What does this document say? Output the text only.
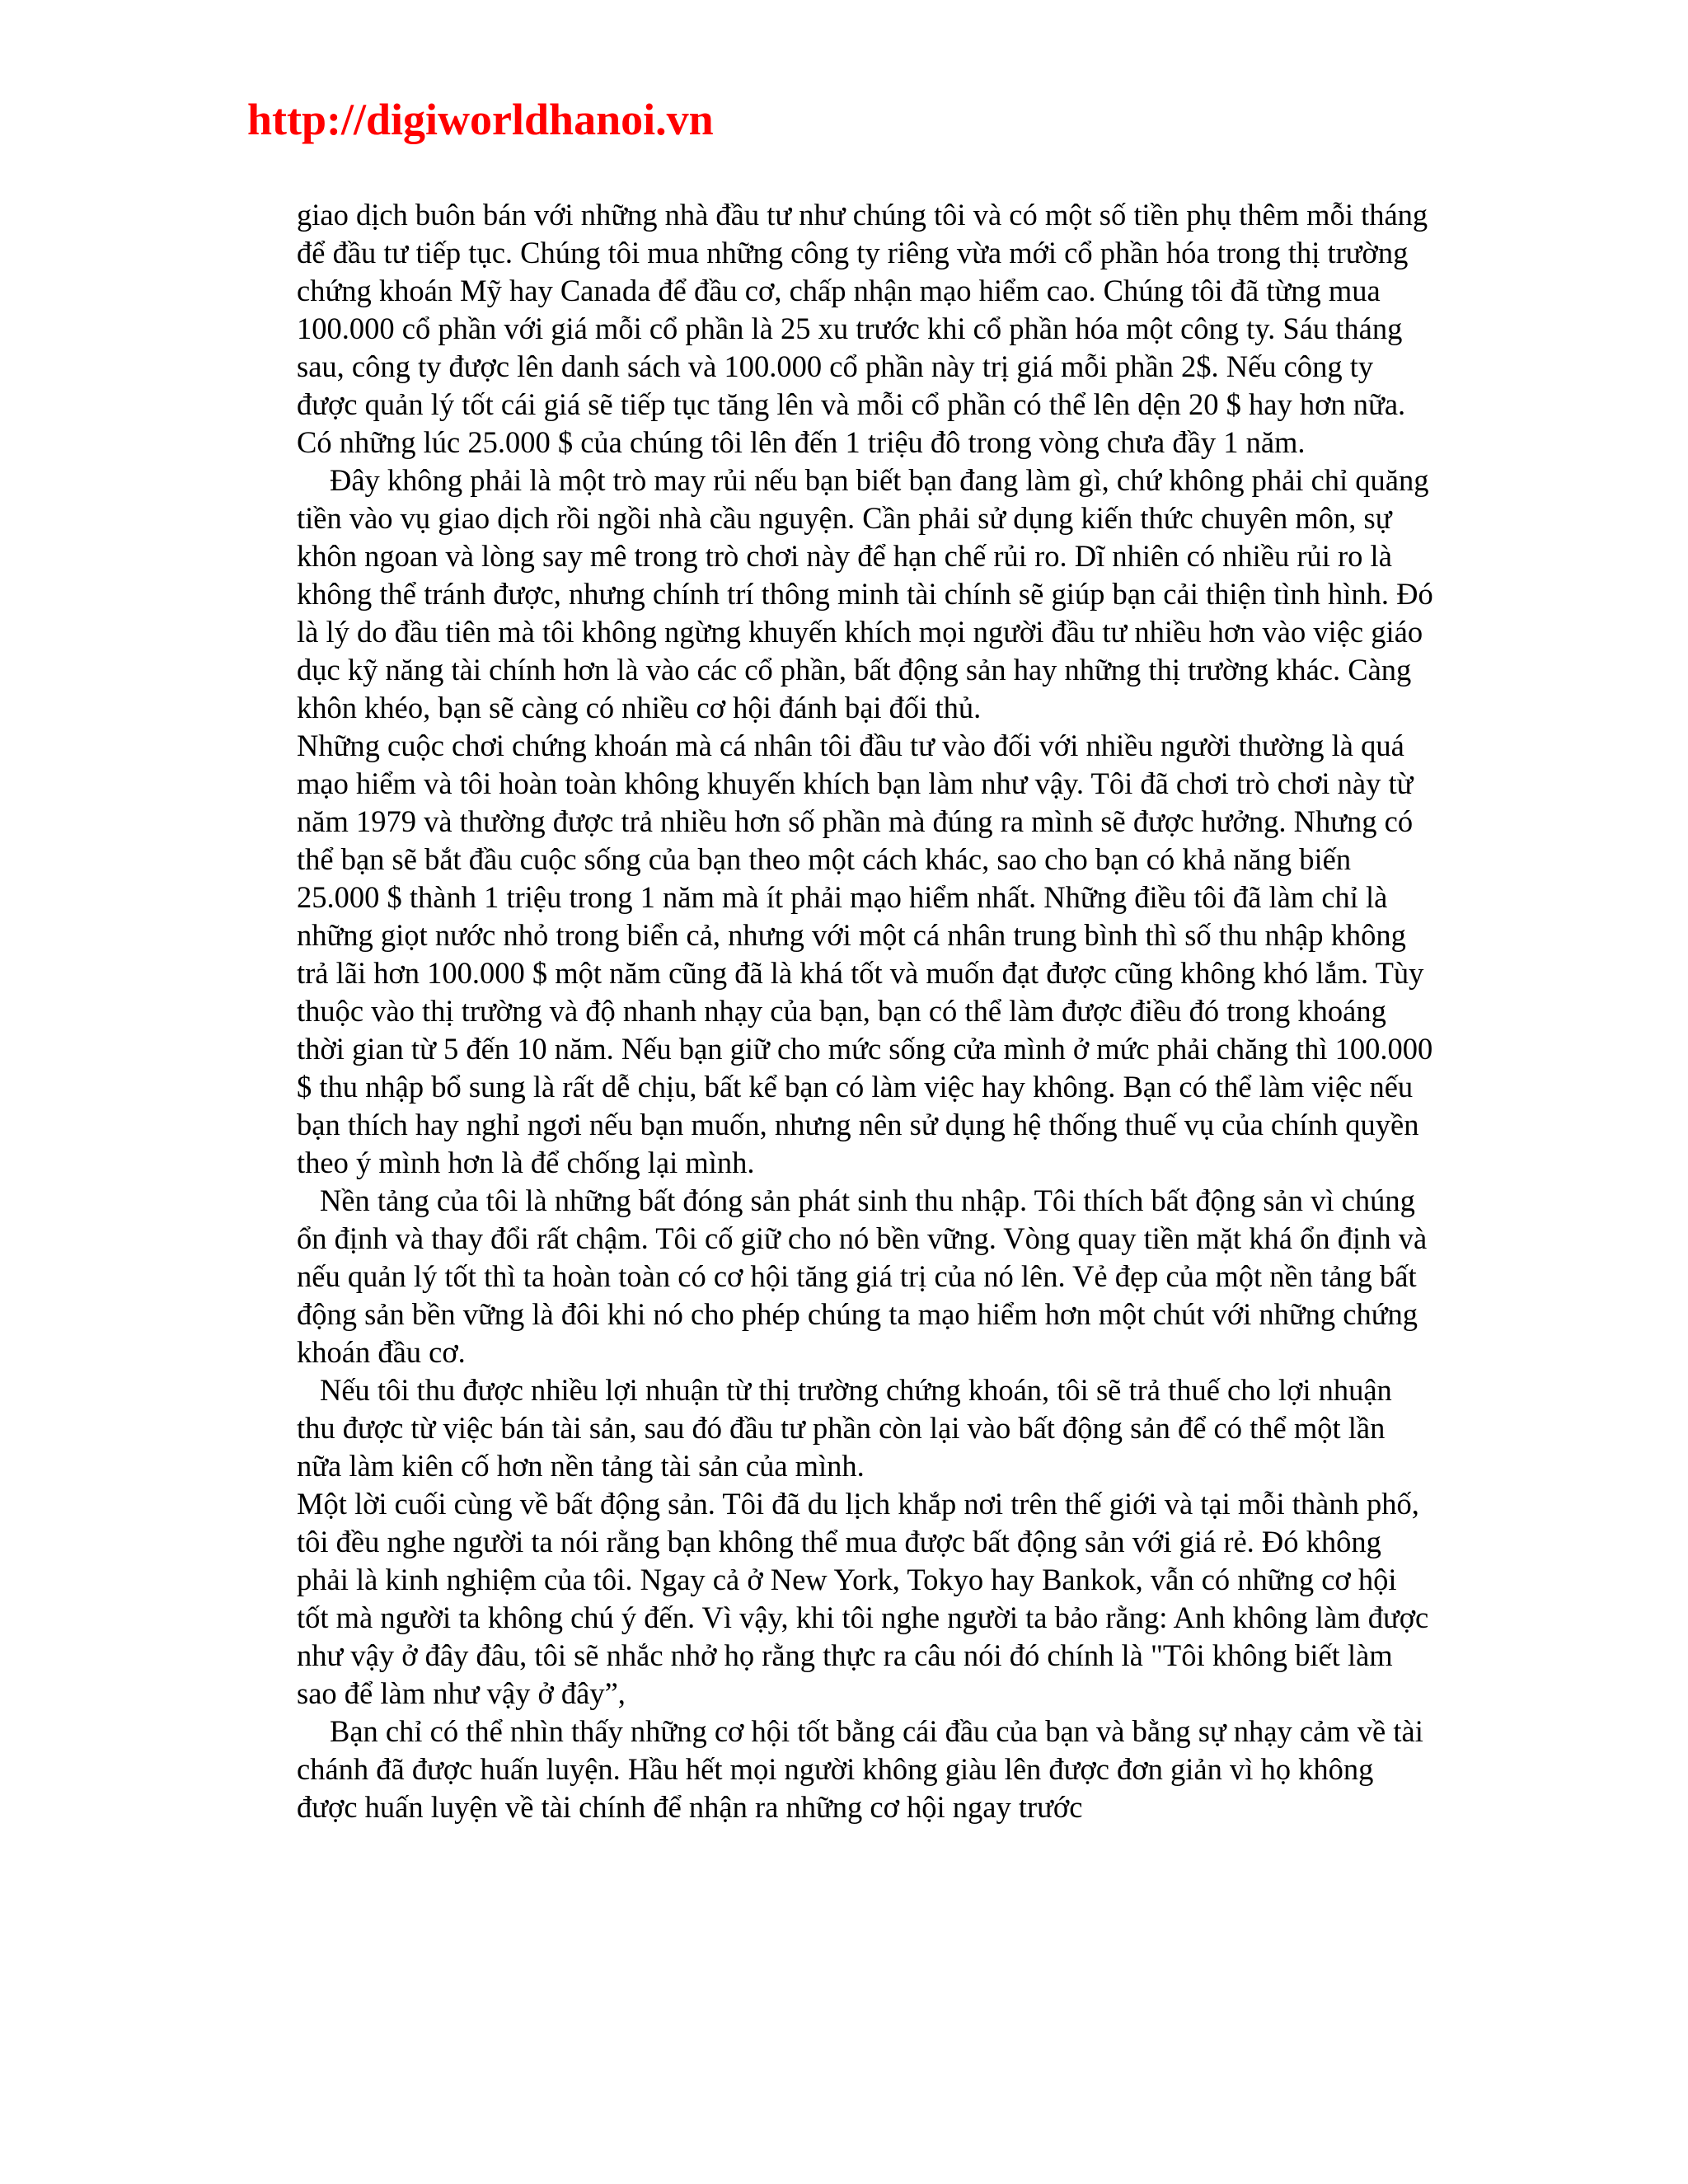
http://digiworldhanoi.vn

giao dịch buôn bán với những nhà đầu tư như chúng tôi và có một số tiền phụ thêm mỗi tháng để đầu tư tiếp tục. Chúng tôi mua những công ty riêng vừa mới cổ phần hóa trong thị trường chứng khoán Mỹ hay Canada để đầu cơ, chấp nhận mạo hiểm cao. Chúng tôi đã từng mua 100.000 cổ phần với giá mỗi cổ phần là 25 xu trước khi cổ phần hóa một công ty. Sáu tháng sau, công ty được lên danh sách và 100.000 cổ phần này trị giá mỗi phần 2$. Nếu công ty được quản lý tốt cái giá sẽ tiếp tục tăng lên và mỗi cổ phần có thể lên dện 20 $ hay hơn nữa. Có những lúc 25.000 $ của chúng tôi lên đến 1 triệu đô trong vòng chưa đầy 1 năm.

Đây không phải là một trò may rủi nếu bạn biết bạn đang làm gì, chứ không phải chỉ quăng tiền vào vụ giao dịch rồi ngồi nhà cầu nguyện. Cần phải sử dụng kiến thức chuyên môn, sự khôn ngoan và lòng say mê trong trò chơi này để hạn chế rủi ro. Dĩ nhiên có nhiều rủi ro là không thể tránh được, nhưng chính trí thông minh tài chính sẽ giúp bạn cải thiện tình hình. Đó là lý do đầu tiên mà tôi không ngừng khuyến khích mọi người đầu tư nhiều hơn vào việc giáo dục kỹ năng tài chính hơn là vào các cổ phần, bất động sản hay những thị trường khác. Càng khôn khéo, bạn sẽ càng có nhiều cơ hội đánh bại đối thủ.

Những cuộc chơi chứng khoán mà cá nhân tôi đầu tư vào đối với nhiều người thường là quá mạo hiểm và tôi hoàn toàn không khuyến khích bạn làm như vậy. Tôi đã chơi trò chơi này từ năm 1979 và thường được trả nhiều hơn số phần mà đúng ra mình sẽ được hưởng. Nhưng có thể bạn sẽ bắt đầu cuộc sống của bạn theo một cách khác, sao cho bạn có khả năng biến 25.000 $ thành 1 triệu trong 1 năm mà ít phải mạo hiểm nhất. Những điều tôi đã làm chỉ là những giọt nước nhỏ trong biển cả, nhưng với một cá nhân trung bình thì số thu nhập không trả lãi hơn 100.000 $ một năm cũng đã là khá tốt và muốn đạt được cũng không khó lắm. Tùy thuộc vào thị trường và độ nhanh nhạy của bạn, bạn có thể làm được điều đó trong khoáng thời gian từ 5 đến 10 năm. Nếu bạn giữ cho mức sống cửa mình ở mức phải chăng thì 100.000 $ thu nhập bổ sung là rất dễ chịu, bất kể bạn có làm việc hay không. Bạn có thể làm việc nếu bạn thích hay nghỉ ngơi nếu bạn muốn, nhưng nên sử dụng hệ thống thuế vụ của chính quyền theo ý mình hơn là để chống lại mình.

Nền tảng của tôi là những bất đóng sản phát sinh thu nhập. Tôi thích bất động sản vì chúng ổn định và thay đổi rất chậm. Tôi cố giữ cho nó bền vững. Vòng quay tiền mặt khá ổn định và nếu quản lý tốt thì ta hoàn toàn có cơ hội tăng giá trị của nó lên. Vẻ đẹp của một nền tảng bất động sản bền vững là đôi khi nó cho phép chúng ta mạo hiểm hơn một chút với những chứng khoán đầu cơ.

Nếu tôi thu được nhiều lợi nhuận từ thị trường chứng khoán, tôi sẽ trả thuế cho lợi nhuận thu được từ việc bán tài sản, sau đó đầu tư phần còn lại vào bất động sản để có thể một lần nữa làm kiên cố hơn nền tảng tài sản của mình.

Một lời cuối cùng về bất động sản. Tôi đã du lịch khắp nơi trên thế giới và tại mỗi thành phố, tôi đều nghe người ta nói rằng bạn không thể mua được bất động sản với giá rẻ. Đó không phải là kinh nghiệm của tôi. Ngay cả ở New York, Tokyo hay Bankok, vẫn có những cơ hội tốt mà người ta không chú ý đến. Vì vậy, khi tôi nghe người ta bảo rằng: Anh không làm được như vậy ở đây đâu, tôi sẽ nhắc nhở họ rằng thực ra câu nói đó chính là "Tôi không biết làm sao để làm như vậy ở đây”,

Bạn chỉ có thể nhìn thấy những cơ hội tốt bằng cái đầu của bạn và bằng sự nhạy cảm về tài chánh đã được huấn luyện. Hầu hết mọi người không giàu lên được đơn giản vì họ không được huấn luyện về tài chính để nhận ra những cơ hội ngay trước
